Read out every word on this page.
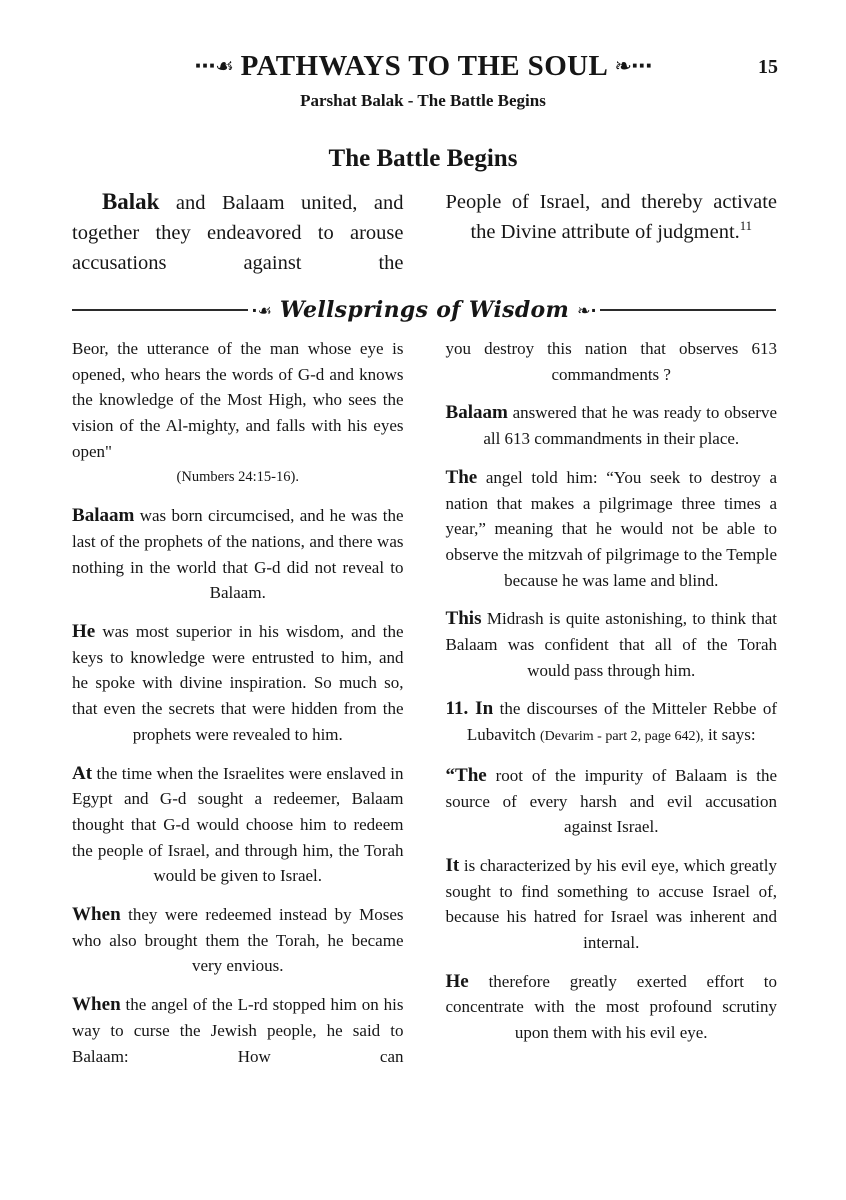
∙∙∙☙ PATHWAYS TO THE SOUL ❧∙∙∙	15
Parshat Balak - The Battle Begins
The Battle Begins

Balak and Balaam united, and together they endeavored to arouse accusations against the

People of Israel, and thereby activate the Divine attribute of judgment.$^{11}$

∙☙ Wellsprings of Wisdom ❧∙

Beor, the utterance of the man whose eye is opened, who hears the words of G-d and knows the knowledge of the Most High, who sees the vision of the Al-mighty, and falls with his eyes open"

(Numbers 24:15-16).

Balaam was born circumcised, and he was the last of the prophets of the nations, and there was nothing in the world that G-d did not reveal to Balaam.

He was most superior in his wisdom, and the keys to knowledge were entrusted to him, and he spoke with divine inspiration. So much so, that even the secrets that were hidden from the prophets were revealed to him.

At the time when the Israelites were enslaved in Egypt and G-d sought a redeemer, Balaam thought that G-d would choose him to redeem the people of Israel, and through him, the Torah would be given to Israel.

When they were redeemed instead by Moses who also brought them the Torah, he became very envious.

When the angel of the L-rd stopped him on his way to curse the Jewish people, he said to Balaam: How can

you destroy this nation that observes 613 commandments ?

Balaam answered that he was ready to observe all 613 commandments in their place.

The angel told him: “You seek to destroy a nation that makes a pilgrimage three times a year,” meaning that he would not be able to observe the mitzvah of pilgrimage to the Temple because he was lame and blind.

This Midrash is quite astonishing, to think that Balaam was confident that all of the Torah would pass through him.

11. In the discourses of the Mitteler Rebbe of Lubavitch (Devarim - part 2, page 642), it says:

“The root of the impurity of Balaam is the source of every harsh and evil accusation against Israel.

It is characterized by his evil eye, which greatly sought to find something to accuse Israel of, because his hatred for Israel was inherent and internal.

He therefore greatly exerted effort to concentrate with the most profound scrutiny upon them with his evil eye.
